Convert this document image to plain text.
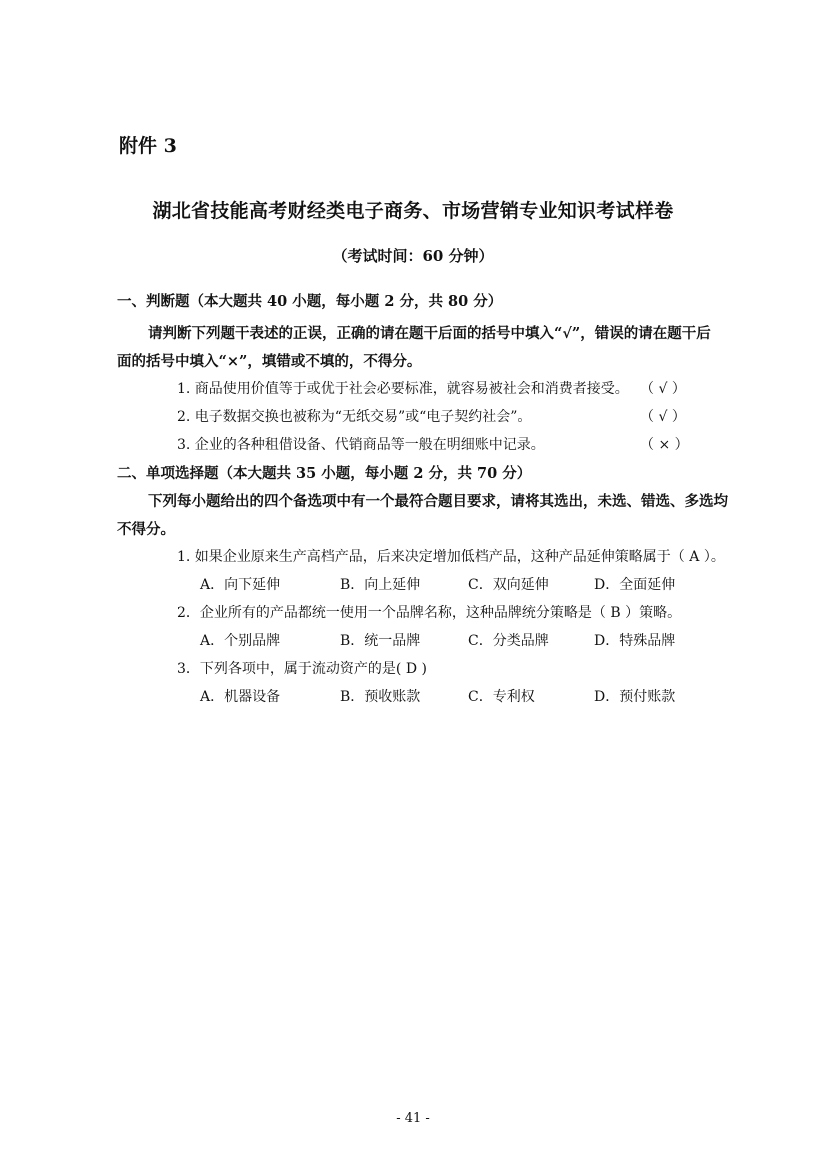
附件 3
湖北省技能高考财经类电子商务、市场营销专业知识考试样卷
（考试时间：60 分钟）
一、判断题（本大题共 40 小题，每小题 2 分，共 80 分）
请判断下列题干表述的正误，正确的请在题干后面的括号中填入“√”，错误的请在题干后
面的括号中填入“×”，填错或不填的，不得分。
1. 商品使用价值等于或优于社会必要标准，就容易被社会和消费者接受。 （ √ ）
2. 电子数据交换也被称为“无纸交易”或“电子契约社会”。	（ √ ）
3. 企业的各种租借设备、代销商品等一般在明细账中记录。	（ × ）
二、单项选择题（本大题共 35 小题，每小题 2 分，共 70 分）
下列每小题给出的四个备选项中有一个最符合题目要求，请将其选出，未选、错选、多选均
不得分。
1. 如果企业原来生产高档产品，后来决定增加低档产品，这种产品延伸策略属于（ A ）。
A．向下延伸	B．向上延伸	C．双向延伸	D．全面延伸
2．企业所有的产品都统一使用一个品牌名称，这种品牌统分策略是（ B ）策略。
A．个别品牌	B．统一品牌	C．分类品牌	D．特殊品牌
3．下列各项中，属于流动资产的是( D )
A．机器设备	B．预收账款	C．专利权	D．预付账款
- 41 -
